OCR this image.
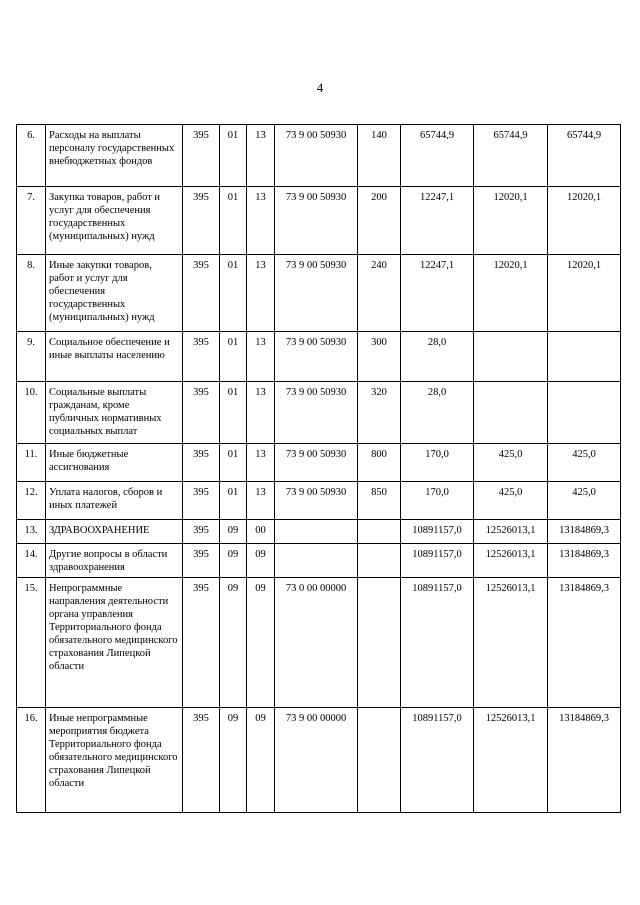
4
6.	Расходы на выплаты персоналу государственных внебюджетных фондов	395	01	13	73 9 00 50930	140	65744,9	65744,9	65744,9
7.	Закупка товаров, работ и услуг для обеспечения государственных (муниципальных) нужд	395	01	13	73 9 00 50930	200	12247,1	12020,1	12020,1
8.	Иные закупки товаров, работ и услуг для обеспечения государственных (муниципальных) нужд	395	01	13	73 9 00 50930	240	12247,1	12020,1	12020,1
9.	Социальное обеспечение и иные выплаты населению	395	01	13	73 9 00 50930	300	28,0		
10.	Социальные выплаты гражданам, кроме публичных нормативных социальных выплат	395	01	13	73 9 00 50930	320	28,0		
11.	Иные бюджетные ассигнования	395	01	13	73 9 00 50930	800	170,0	425,0	425,0
12.	Уплата налогов, сборов и иных платежей	395	01	13	73 9 00 50930	850	170,0	425,0	425,0
13.	ЗДРАВООХРАНЕНИЕ	395	09	00			10891157,0	12526013,1	13184869,3
14.	Другие вопросы в области здравоохранения	395	09	09			10891157,0	12526013,1	13184869,3
15.	Непрограммные направления деятельности органа управления Территориального фонда обязательного медицинского страхования Липецкой области	395	09	09	73 0 00 00000		10891157,0	12526013,1	13184869,3
16.	Иные непрограммные мероприятия бюджета Территориального фонда обязательного медицинского страхования Липецкой области	395	09	09	73 9 00 00000		10891157,0	12526013,1	13184869,3
